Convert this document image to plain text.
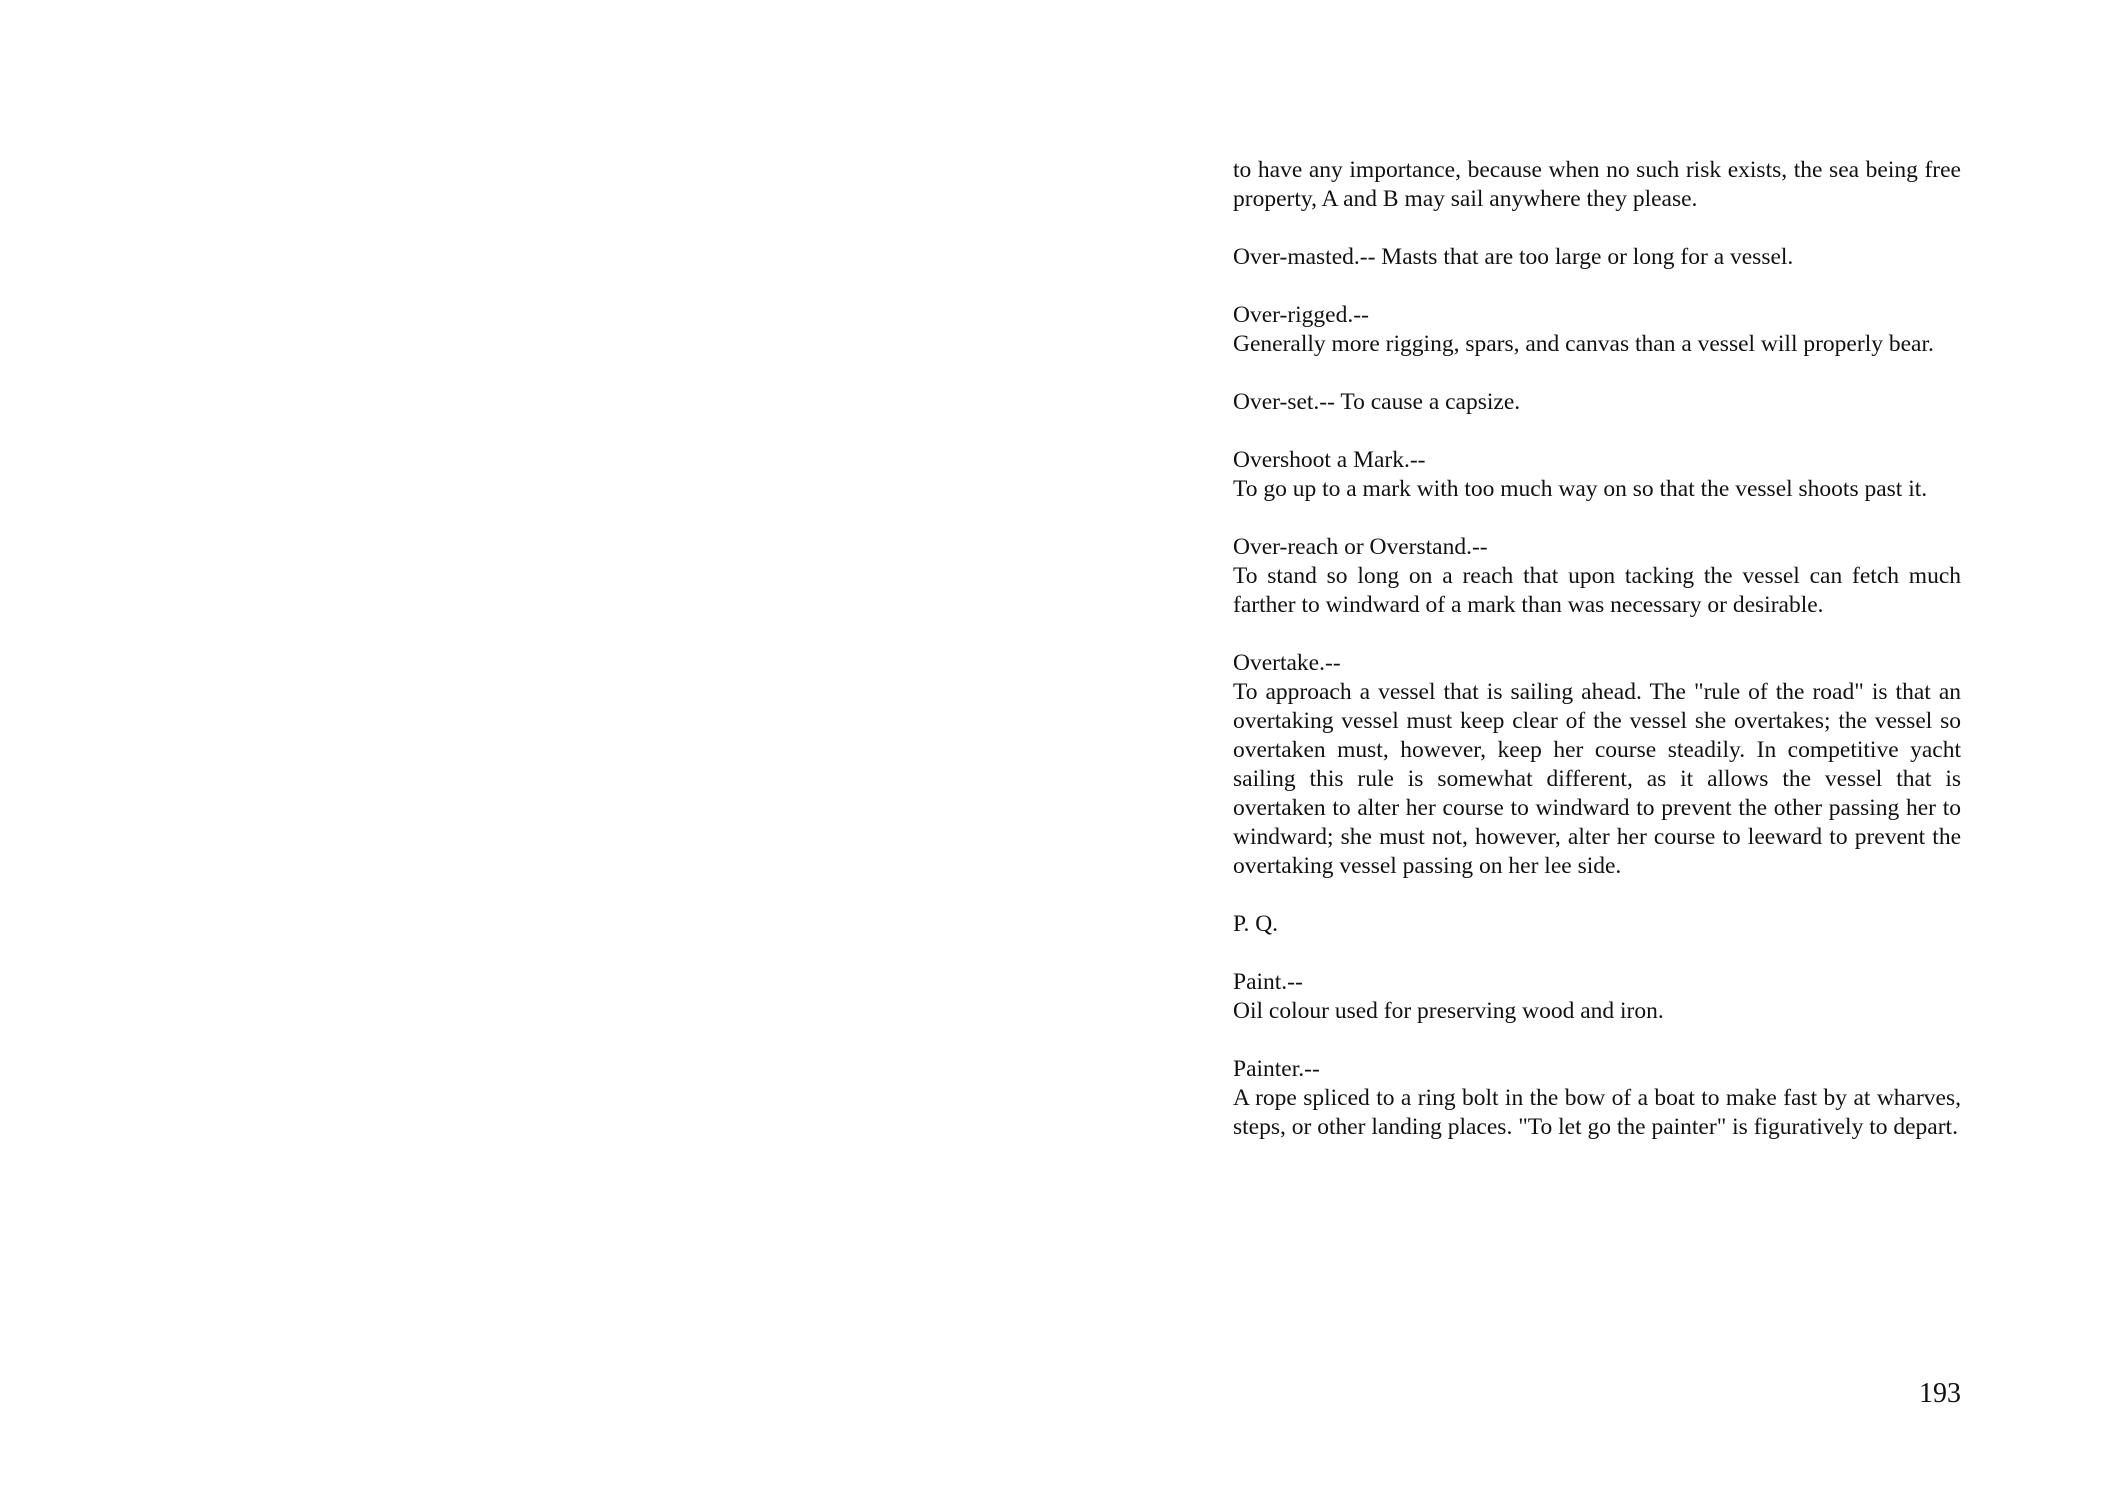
to have any importance, because when no such risk exists, the sea being free property, A and B may sail anywhere they please.

Over-masted.-- Masts that are too large or long for a vessel.

Over-rigged.--

Generally more rigging, spars, and canvas than a vessel will properly bear.

Over-set.-- To cause a capsize.

Overshoot a Mark.--

To go up to a mark with too much way on so that the vessel shoots past it.

Over-reach or Overstand.--

To stand so long on a reach that upon tacking the vessel can fetch much farther to windward of a mark than was necessary or desirable.

Overtake.--

To approach a vessel that is sailing ahead. The "rule of the road" is that an overtaking vessel must keep clear of the vessel she overtakes; the vessel so overtaken must, however, keep her course steadily. In competitive yacht sailing this rule is somewhat different, as it allows the vessel that is overtaken to alter her course to windward to prevent the other passing her to windward; she must not, however, alter her course to leeward to prevent the overtaking vessel passing on her lee side.

P. Q.

Paint.--

Oil colour used for preserving wood and iron.

Painter.--

A rope spliced to a ring bolt in the bow of a boat to make fast by at wharves, steps, or other landing places. "To let go the painter" is figuratively to depart.

193
